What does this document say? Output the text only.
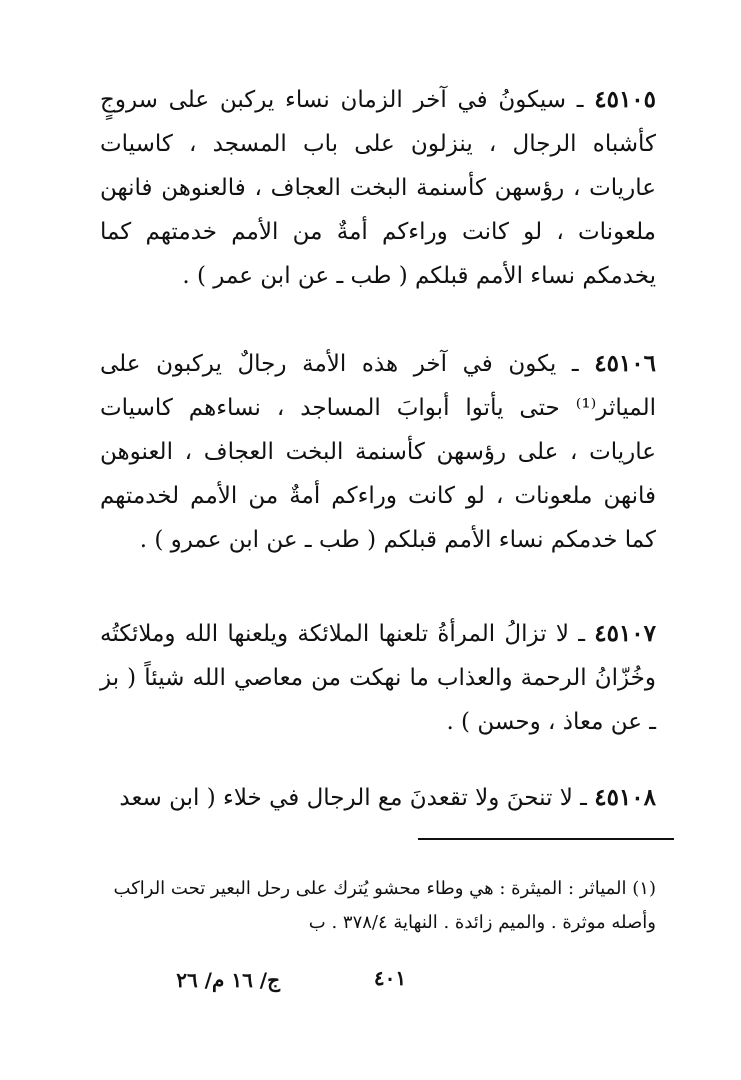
٤٥١٠٥ ـ سيكونُ في آخر الزمان نساء يركبن على سروجٍ كأشباه الرجال ، ينزلون على باب المسجد ، كاسيات عاريات ، رؤسهن كأسنمة البخت العجاف ، فالعنوهن فانهن ملعونات ، لو كانت وراءكم أمةٌ من الأمم خدمتهم كما يخدمكم نساء الأمم قبلكم ( طب ـ عن ابن عمر ) .

٤٥١٠٦ ـ يكون في آخر هذه الأمة رجالٌ يركبون على المياثر⁽¹⁾ حتى يأتوا أبوابَ المساجد ، نساءهم كاسيات عاريات ، على رؤسهن كأسنمة البخت العجاف ، العنوهن فانهن ملعونات ، لو كانت وراءكم أمةٌ من الأمم لخدمتهم كما خدمكم نساء الأمم قبلكم ( طب ـ عن ابن عمرو ) .

٤٥١٠٧ ـ لا تزالُ المرأةُ تلعنها الملائكة ويلعنها الله وملائكتُه وخُزّانُ الرحمة والعذاب ما نهكت من معاصي الله شيئاً ( بز ـ عن معاذ ، وحسن ) .

٤٥١٠٨ ـ لا تنحنَ ولا تقعدنَ مع الرجال في خلاء ( ابن سعد

(١) المياثر : الميثرة : هي وطاء محشو يُترك على رحل البعير تحت الراكب وأصله موثرة . والميم زائدة . النهاية ٣٧٨/٤ . ب

٤٠١
ج/ ١٦ م/ ٢٦
